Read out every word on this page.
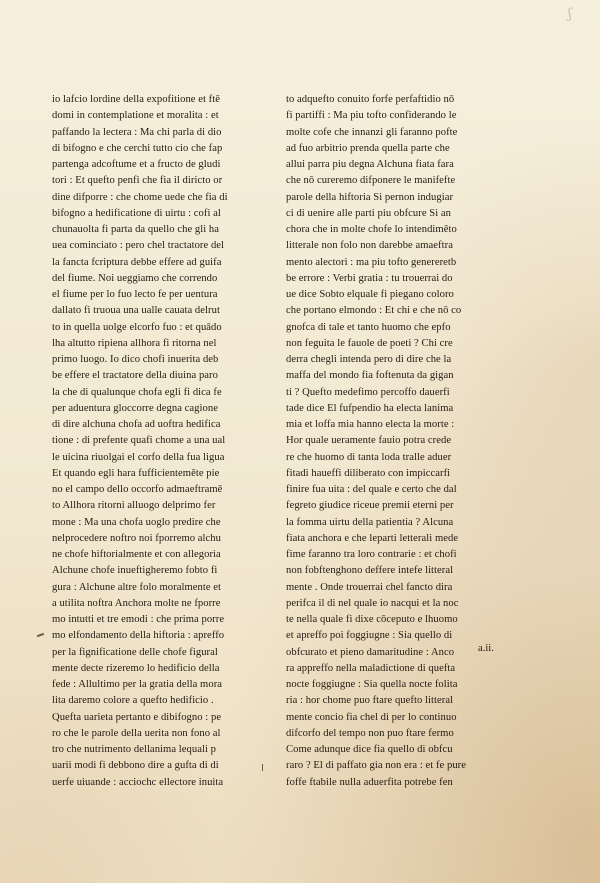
ʃ
io lafcio lordine della expofitione et ftē
domi in contemplatione et moralita : et
paffando la lectera : Ma chi parla di dio
di bifogno e che cerchi tutto cio che fap
partenga adcoftume et a fructo de gludi
tori : Et quefto penfi che fia il diricto or
dine difporre : che chome uede che fia di
bifogno a hedificatione di uirtu : cofi al
chunauolta fi parta da quello che gli ha
uea cominciato : pero chel tractatore del
la fancta fcriptura debbe effere ad guifa
del fiume. Noi ueggiamo che correndo
el fiume per lo fuo lecto fe per uentura
dallato fi truoua una ualle cauata delrut
to in quella uolge elcorfo fuo : et quādo
lha altutto ripiena allhora fi ritorna nel
primo luogo. Io dico chofi inuerita deb
be effere el tractatore della diuina paro
la che di qualunque chofa egli fi dica fe
per aduentura gloccorre degna cagione
di dire alchuna chofa ad uoftra hedifica
tione : di prefente quafi chome a una ual
le uicina riuolgai el corfo della fua ligua
Et quando egli hara fufficientemēte pie
no el campo dello occorfo admaeftramē
to Allhora ritorni alluogo delprimo fer
mone : Ma una chofa uoglo predire che
nelprocedere noftro noi fporremo alchu
ne chofe hiftorialmente et con allegoria
Alchune chofe inueftigheremo fobto fi
gura : Alchune altre folo moralmente et
a utilita noftra Anchora molte ne fporre
mo intutti et tre emodi : che prima porre
mo elfondamento della hiftoria : apreffo
per la fignificatione delle chofe figural
mente decte rizeremo lo hedificio della
fede : Allultimo per la gratia della mora
lita daremo colore a quefto hedificio .
Quefta uarieta pertanto e dibifogno : pe
ro che le parole della uerita non fono al
tro che nutrimento dellanima lequali p
uarii modi fi debbono dire a gufta di di
uerfe uiuande : acciochc ellectore inuita
to adquefto conuito forfe perfaftidio nō
fi partiffi : Ma piu tofto confiderando le
molte cofe che innanzi gli faranno pofte
ad fuo arbitrio prenda quella parte che
allui parra piu degna Alchuna fiata fara
che nō cureremo difponere le manifefte
parole della hiftoria Si pernon indugiar
ci di uenire alle parti piu obfcure Si an
chora che in molte chofe lo intendimēto
litterale non folo non darebbe amaeftra
mento alectori : ma piu tofto genereretb
be errore : Verbi gratia : tu trouerrai do
ue dice Sobto elquale fi piegano coloro
che portano elmondo : Et chi e che nō co
gnofca di tale et tanto huomo che epfo
non feguita le fauole de poeti ? Chi cre
derra chegli intenda pero di dire che la
maffa del mondo fia foftenuta da gigan
ti ? Quefto medefimo percoffo dauerfi
tade dice El fufpendio ha electa lanima
mia et loffa mia hanno electa la morte :
Hor quale ueramente fauio potra crede
re che huomo di tanta loda tralle aduer
fitadi haueffi diliberato con impiccarfi
finire fua uita : del quale e certo che dal
fegreto giudice riceue premii eterni per
la fomma uirtu della patientia ? Alcuna
fiata anchora e che leparti letterali mede
fime faranno tra loro contrarie : et chofi
non fobftenghono deffere intefe litteral
mente . Onde trouerrai chel fancto dira
perifca il di nel quale io nacqui et la noc
te nella quale fi dixe cōceputo e lhuomo
et apreffo poi foggiugne : Sia quello di
obfcurato et pieno damaritudine : Anco
ra appreffo nella maladictione di quefta
nocte foggiugne : Sia quella nocte folita
ria : hor chome puo ftare quefto litteral
mente concio fia chel di per lo continuo
difcorfo del tempo non puo ftare fermo
Come adunque dice fia quello di obfcu
raro ? El di paffato gia non era : et fe pure
foffe ftabile nulla aduerfita potrebe fen
a.ii.
